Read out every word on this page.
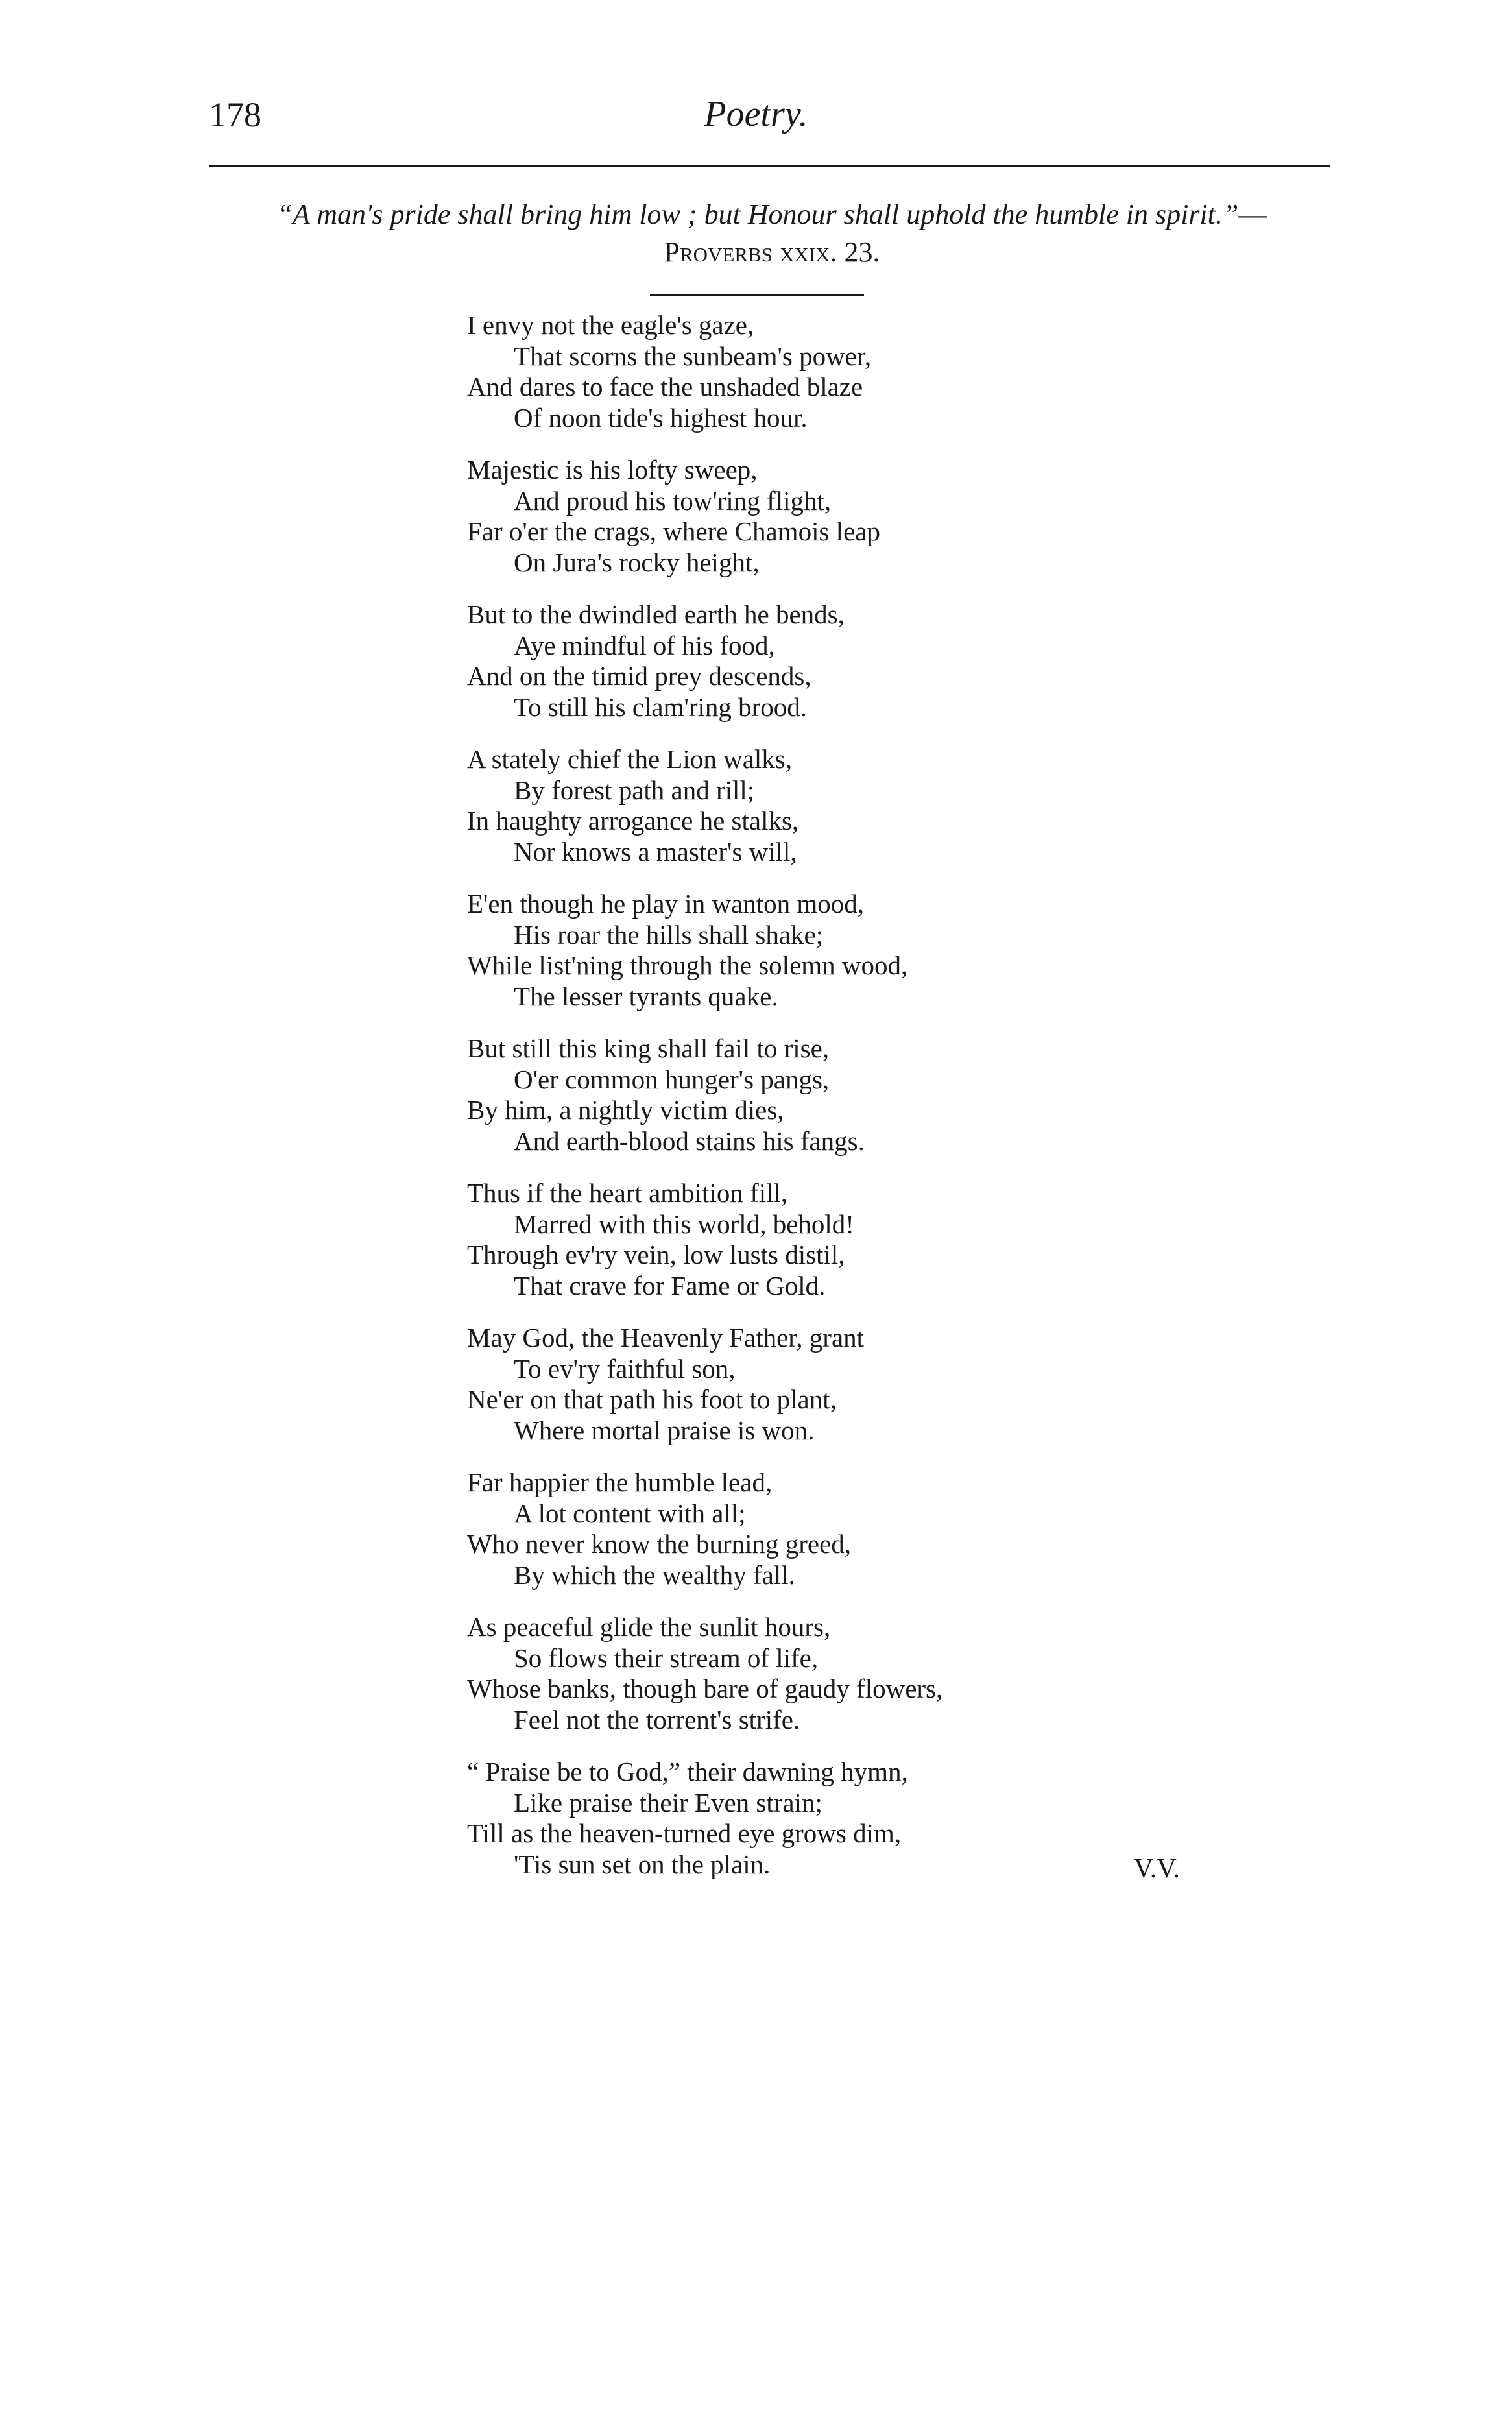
178	Poetry.
“A man's pride shall bring him low ; but Honour shall uphold the humble in spirit.”—Proverbs xxix. 23.
I envy not the eagle's gaze,
That scorns the sunbeam's power,
And dares to face the unshaded blaze
Of noon tide's highest hour.
Majestic is his lofty sweep,
And proud his tow'ring flight,
Far o'er the crags, where Chamois leap
On Jura's rocky height,
But to the dwindled earth he bends,
Aye mindful of his food,
And on the timid prey descends,
To still his clam'ring brood.
A stately chief the Lion walks,
By forest path and rill;
In haughty arrogance he stalks,
Nor knows a master's will,
E'en though he play in wanton mood,
His roar the hills shall shake;
While list'ning through the solemn wood,
The lesser tyrants quake.
But still this king shall fail to rise,
O'er common hunger's pangs,
By him, a nightly victim dies,
And earth-blood stains his fangs.
Thus if the heart ambition fill,
Marred with this world, behold!
Through ev'ry vein, low lusts distil,
That crave for Fame or Gold.
May God, the Heavenly Father, grant
To ev'ry faithful son,
Ne'er on that path his foot to plant,
Where mortal praise is won.
Far happier the humble lead,
A lot content with all;
Who never know the burning greed,
By which the wealthy fall.
As peaceful glide the sunlit hours,
So flows their stream of life,
Whose banks, though bare of gaudy flowers,
Feel not the torrent's strife.
“ Praise be to God,” their dawning hymn,
Like praise their Even strain;
Till as the heaven-turned eye grows dim,
'Tis sun set on the plain.	V.V.
